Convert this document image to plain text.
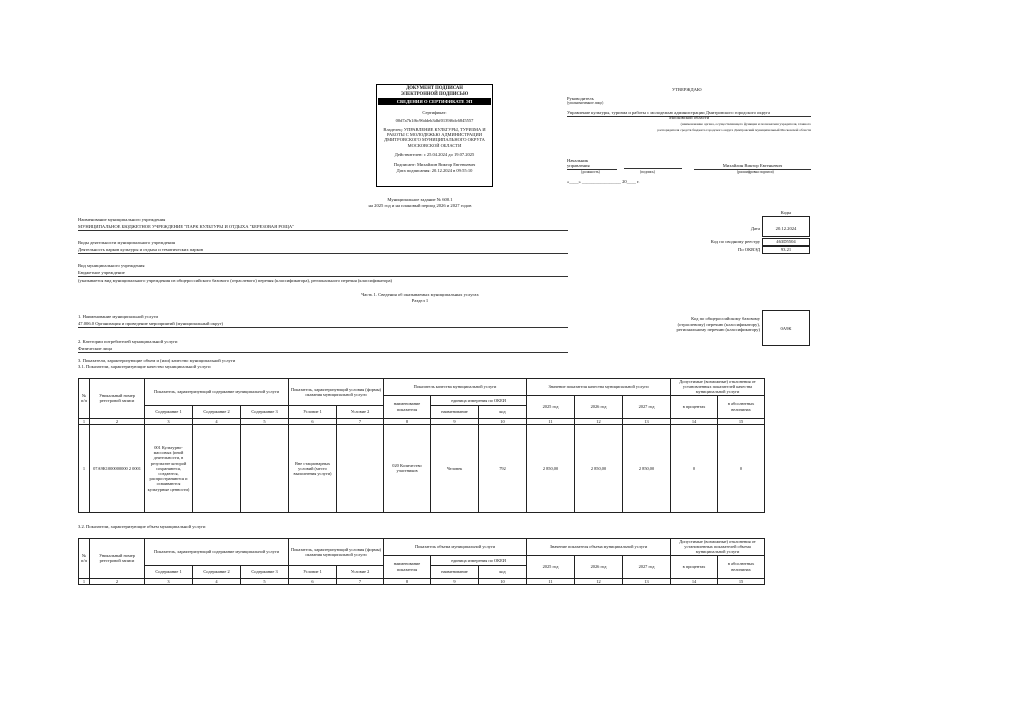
ДОКУМЕНТ ПОДПИСАН
ЭЛЕКТРОННОЙ ПОДПИСЬЮ
СВЕДЕНИЯ О СЕРТИФИКАТЕ ЭП
Сертификат:
00d7a7b1f6c96ddeb3dbf0139f6dc6845557
Владелец: УПРАВЛЕНИЕ КУЛЬТУРЫ, ТУРИЗМА И РАБОТЫ С МОЛОДЕЖЬЮ АДМИНИСТРАЦИИ ДМИТРОВСКОГО МУНИЦИПАЛЬНОГО ОКРУГА МОСКОВСКОЙ ОБЛАСТИ
Действителен: с 25.04.2024 до 19.07.2025
Подписант: Михайлин Виктор Евгеньевич
Дата подписания: 20.12.2024 в 09:55:10
УТВЕРЖДАЮ
Руководитель
(уполномоченное лицо)
Управление культуры, туризма и работы с молодежью администрации Дмитровского городского округа
Московской области
(наименование органа, осуществляющего функции и полномочия учредителя, главного
распорядителя средств бюджета городского округа Дмитровский муниципальный Московской области
Начальник
управления	Михайлин Виктор Евгеньевич
(должность)	(подпись)	(расшифровка подписи)
«____» _________________ 20____ г.
Муниципальное задание № 600.1
на 2025 год и на плановый период 2026 и 2027 годов
Коды
Дата	20.12.2024
Код по сводному реестру	463D5504
По ОКВЭД	93.21
Наименование муниципального учреждения
МУНИЦИПАЛЬНОЕ БЮДЖЕТНОЕ УЧРЕЖДЕНИЕ "ПАРК КУЛЬТУРЫ И ОТДЫХА "БЕРЕЗОВАЯ РОЩА"
Виды деятельности муниципального учреждения
Деятельность парков культуры и отдыха и тематических парков
Вид муниципального учреждения
Бюджетное учреждение
(указывается вид муниципального учреждения из общероссийского базового (отраслевого) перечня (классификатора), регионального перечня (классификатора)
Часть 1. Сведения об оказываемых муниципальных услугах
Раздел 1
1. Наименование муниципальной услуги
47.006.0 Организация и проведение мероприятий (муниципальный округ)
2. Категории потребителей муниципальной услуги
Физические лица
Код по общероссийскому базовому (отраслевому) перечню (классификатору), региональному перечню (классификатору)	0А9К
3. Показатели, характеризующие объем и (или) качество муниципальной услуги
3.1. Показатели, характеризующие качество муниципальной услуги
№ п/п	Уникальный номер реестровой записи	Показатель, характеризующий содержание муниципальной услуги			Показатель, характеризующий условия (формы) оказания муниципальной услуги		Показатель качества муниципальной услуги			Значение показателя качества муниципальной услуги			Допустимые (возможные) отклонения от установленных показателей качества муниципальной услуги	
							наименование показателя	единица измерения по ОКЕИ		2025 год	2026 год	2027 год	в процентах	в абсолютных величинах
		Содержание 1	Содержание 2	Содержание 3	Условие 1	Условие 2		наименование	код					
1	2	3	4	5	6	7	8	9	10	11	12	13	14	15
1	07А9К1000000000 2 0001	001 Культурно-массовых (иной деятельности, в результате которой сохраняются, создаются, распространяются и осваиваются культурные ценности)			Вне стационарных условий (место выполнения услуги)		020 Количество участников	Человек	792	2 850,00	2 850,00	2 850,00	0	0
3.2. Показатели, характеризующие объем муниципальной услуги
№ п/п	Уникальный номер реестровой записи	Показатель, характеризующий содержание муниципальной услуги			Показатель, характеризующий условия (формы) оказания муниципальной услуги		Показатель объема муниципальной услуги			Значение показателя объема муниципальной услуги			Допустимые (возможные) отклонения от установленных показателей объема муниципальной услуги	
							наименование показателя	единица измерения по ОКЕИ		2025 год	2026 год	2027 год	в процентах	в абсолютных величинах
		Содержание 1	Содержание 2	Содержание 3	Условие 1	Условие 2		наименование	код					
1	2	3	4	5	6	7	8	9	10	11	12	13	14	15
